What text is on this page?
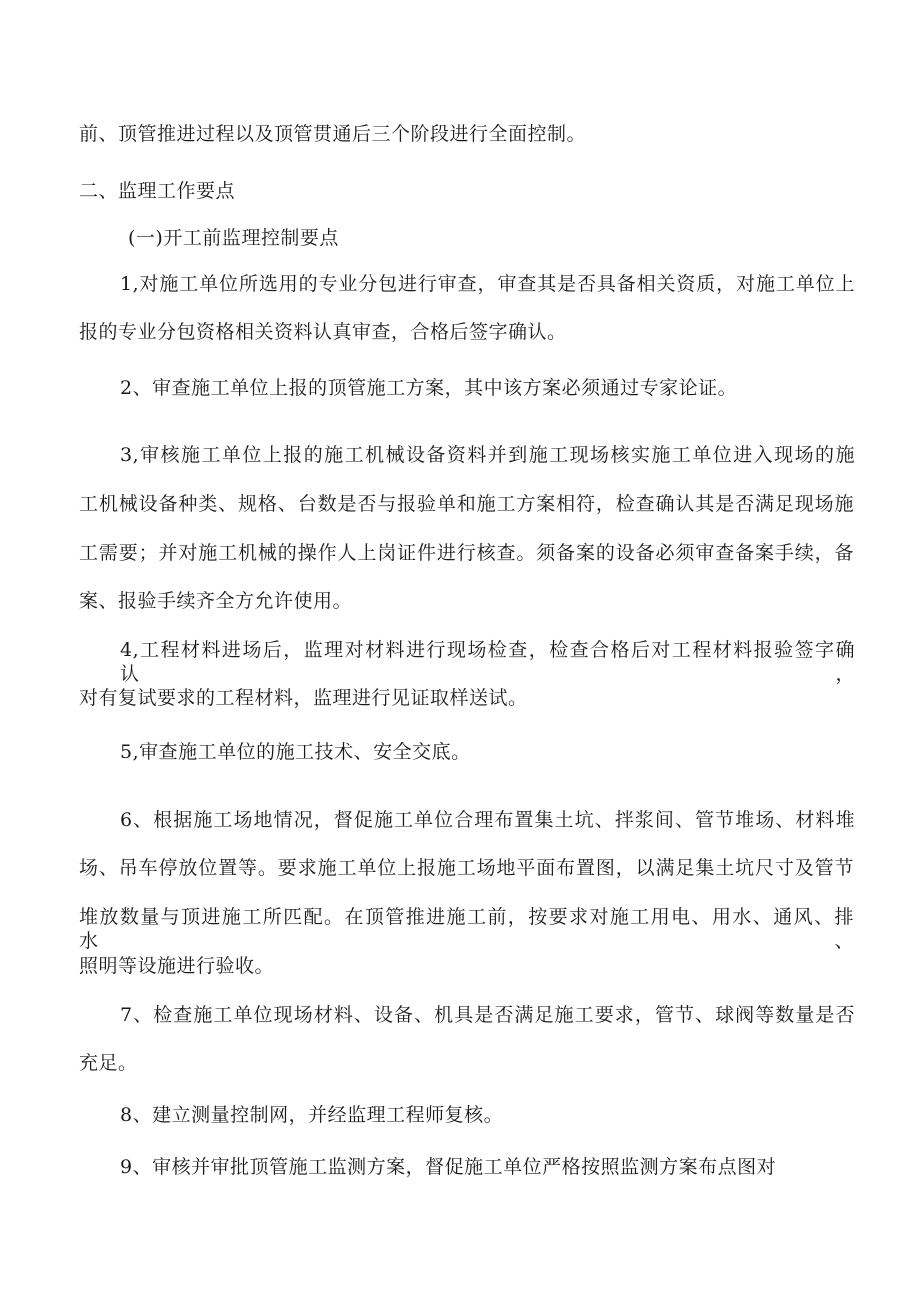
前、顶管推进过程以及顶管贯通后三个阶段进行全面控制。
二、监理工作要点
(一)开工前监理控制要点
1,对施工单位所选用的专业分包进行审查，审查其是否具备相关资质，对施工单位上
报的专业分包资格相关资料认真审查，合格后签字确认。
2、审查施工单位上报的顶管施工方案，其中该方案必须通过专家论证。
3,审核施工单位上报的施工机械设备资料并到施工现场核实施工单位进入现场的施
工机械设备种类、规格、台数是否与报验单和施工方案相符，检查确认其是否满足现场施
工需要；并对施工机械的操作人上岗证件进行核查。须备案的设备必须审查备案手续，备
案、报验手续齐全方允许使用。
4,工程材料进场后，监理对材料进行现场检查，检查合格后对工程材料报验签字确认，
对有复试要求的工程材料，监理进行见证取样送试。
5,审查施工单位的施工技术、安全交底。
6、根据施工场地情况，督促施工单位合理布置集土坑、拌浆间、管节堆场、材料堆
场、吊车停放位置等。要求施工单位上报施工场地平面布置图，以满足集土坑尺寸及管节
堆放数量与顶进施工所匹配。在顶管推进施工前，按要求对施工用电、用水、通风、排水、
照明等设施进行验收。
7、检查施工单位现场材料、设备、机具是否满足施工要求，管节、球阀等数量是否
充足。
8、建立测量控制网，并经监理工程师复核。
9、审核并审批顶管施工监测方案，督促施工单位严格按照监测方案布点图对
